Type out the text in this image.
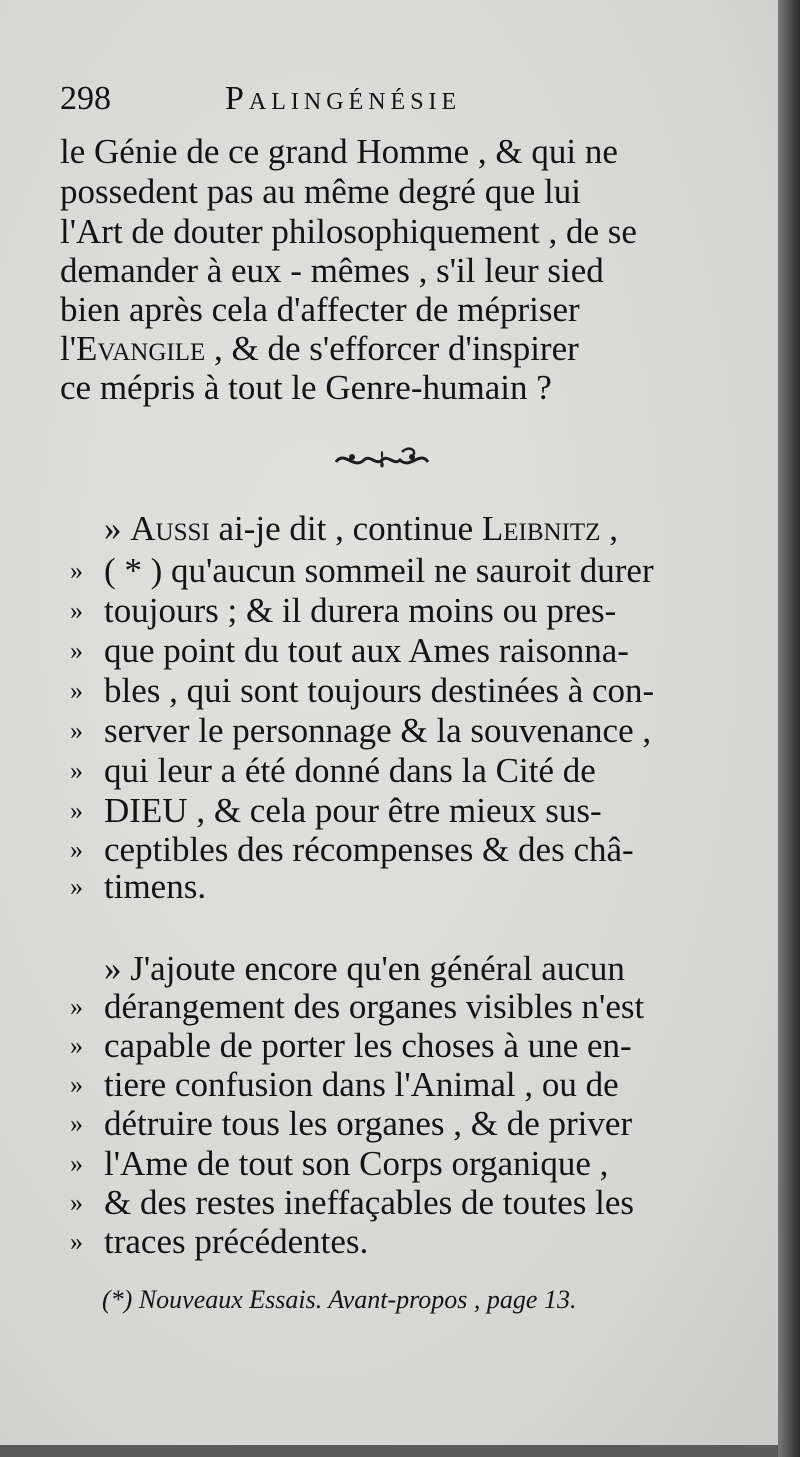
298	Palingénésie
le Génie de ce grand Homme , & qui ne
possedent pas au même degré que lui
l'Art de douter philosophiquement , de se
demander à eux - mêmes , s'il leur sied
bien après cela d'affecter de mépriser
l'Evangile , & de s'efforcer d'inspirer
ce mépris à tout le Genre-humain ?
» Aussi ai-je dit , continue Leibnitz ,
» ( * ) qu'aucun sommeil ne sauroit durer
» toujours ; & il durera moins ou pres-
» que point du tout aux Ames raisonna-
» bles , qui sont toujours destinées à con-
» server le personnage & la souvenance ,
» qui leur a été donné dans la Cité de
» DIEU , & cela pour être mieux sus-
» ceptibles des récompenses & des châ-
» timens.
» J'ajoute encore qu'en général aucun
» dérangement des organes visibles n'est
» capable de porter les choses à une en-
» tiere confusion dans l'Animal , ou de
» détruire tous les organes , & de priver
» l'Ame de tout son Corps organique ,
» & des restes ineffaçables de toutes les
» traces précédentes.
(*) Nouveaux Essais. Avant-propos , page 13.
